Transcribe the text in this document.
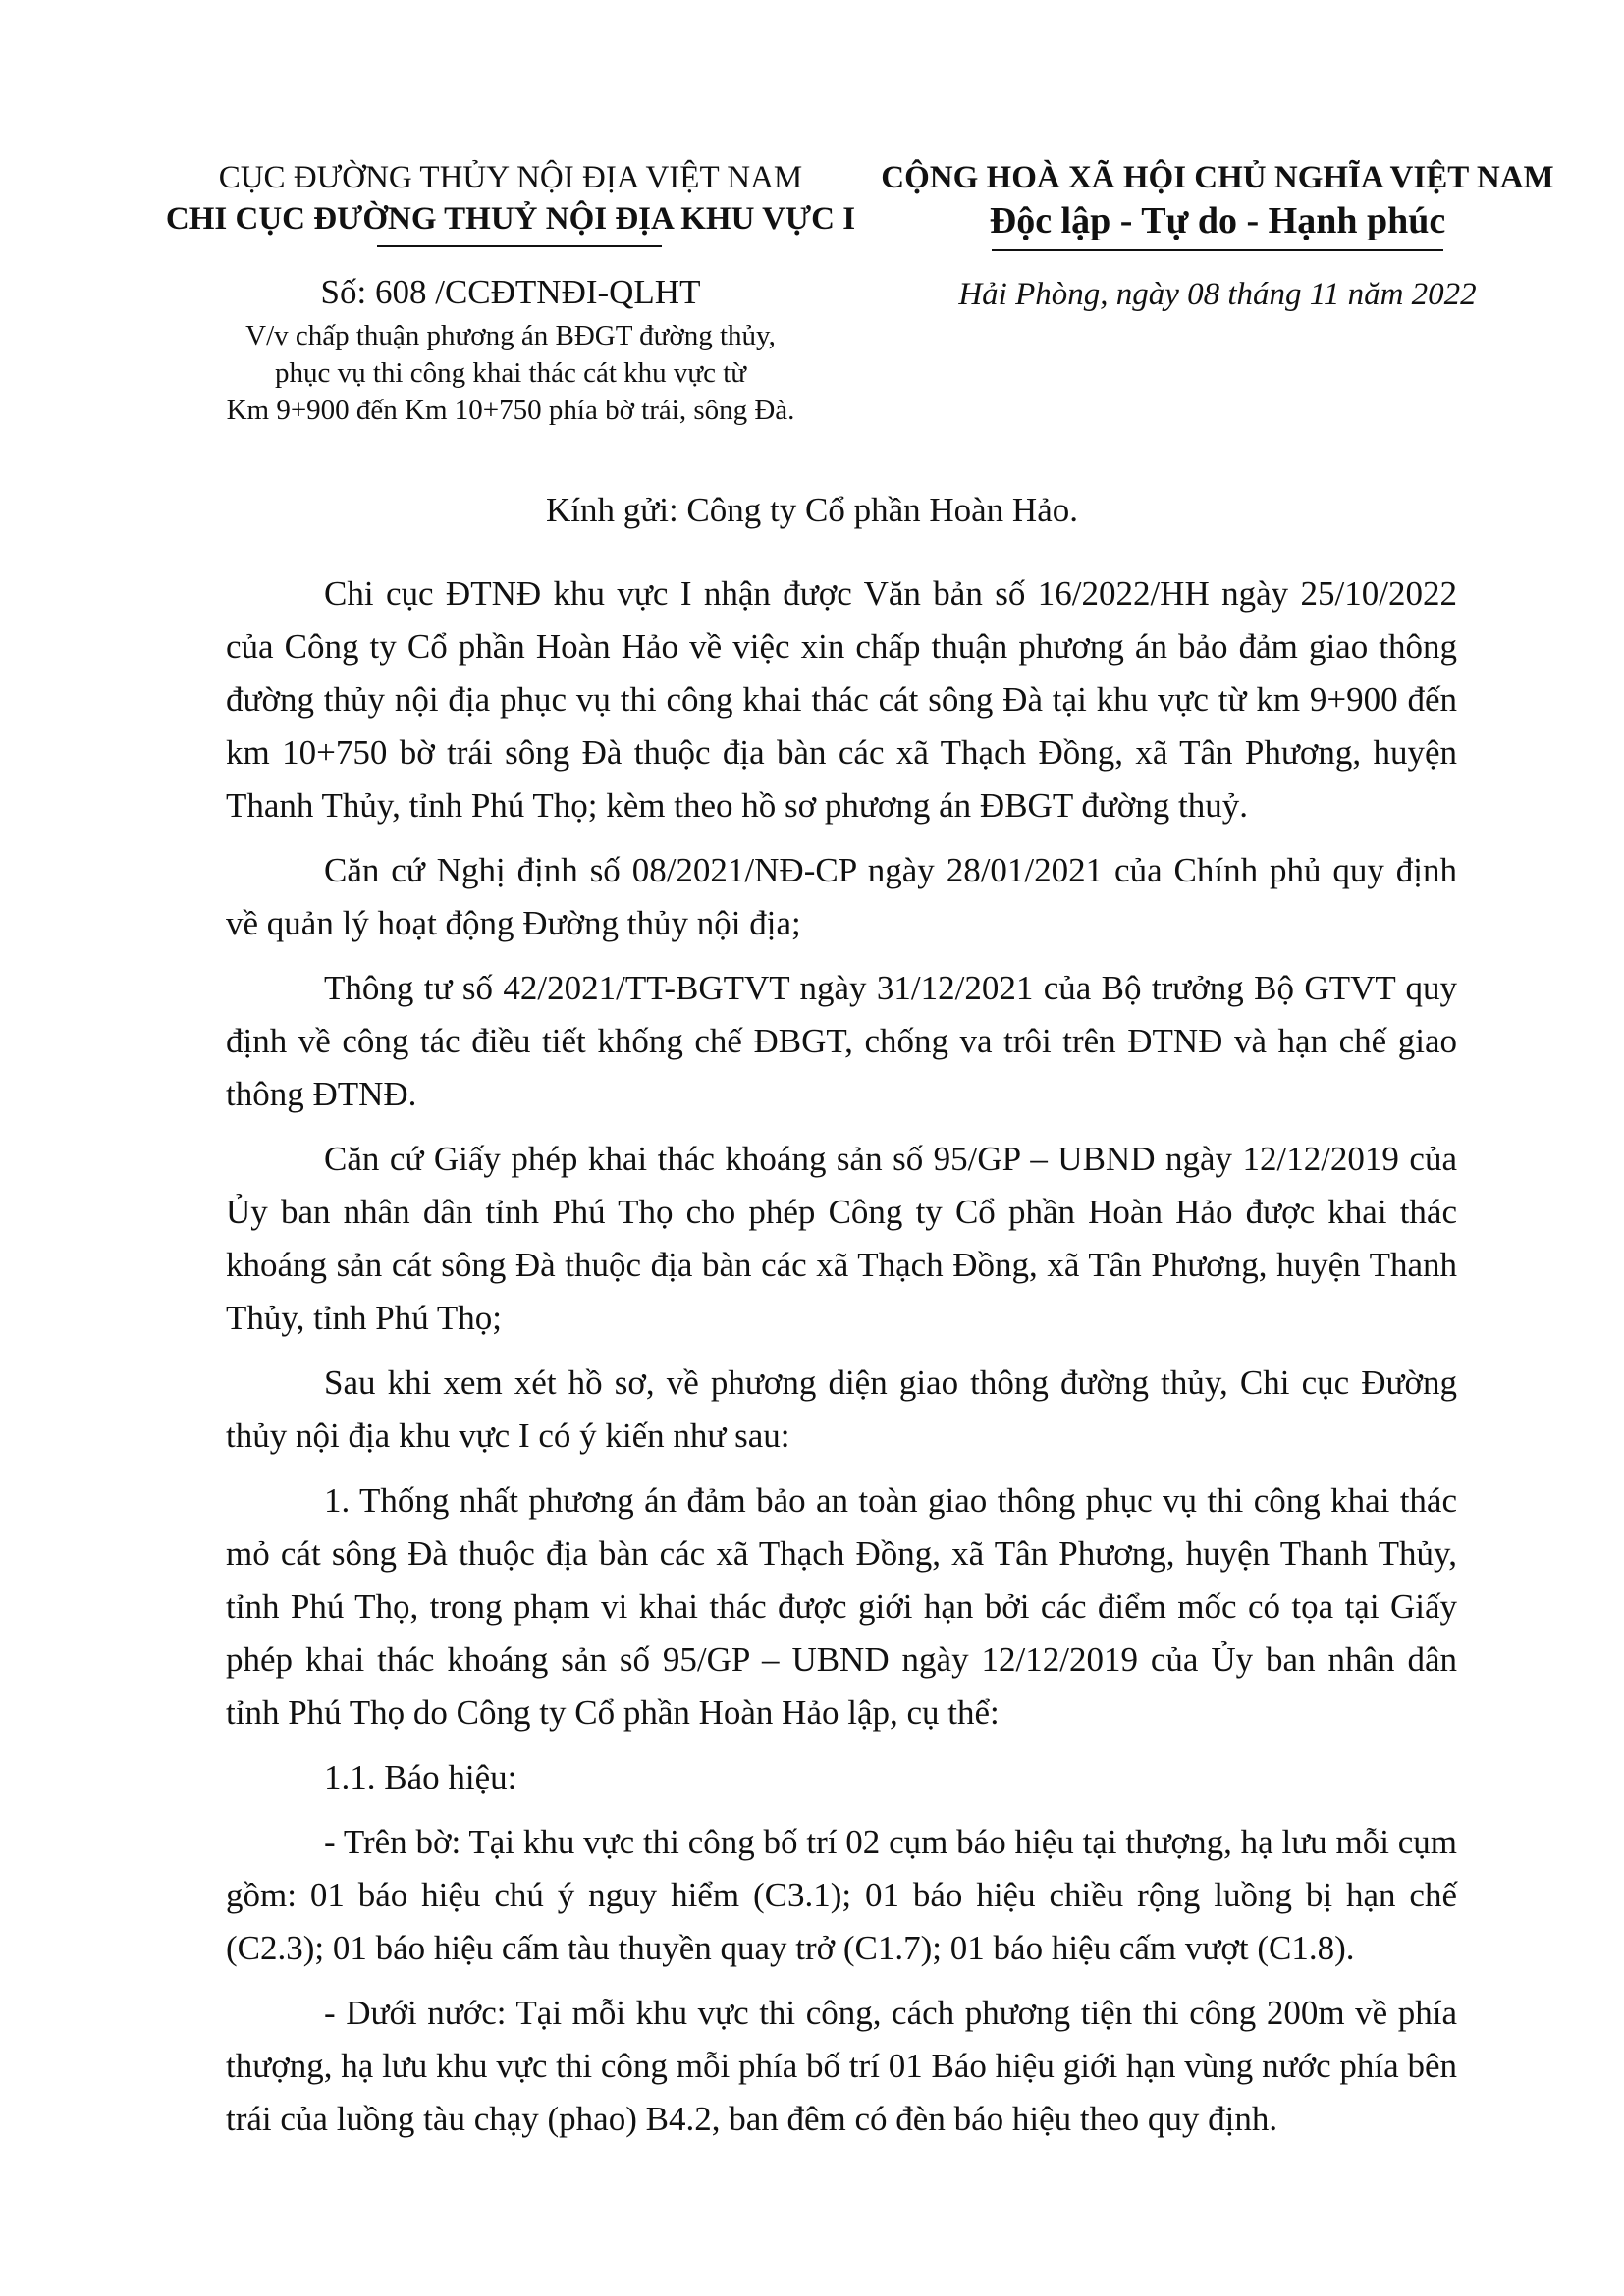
CỤC ĐƯỜNG THỦY NỘI ĐỊA VIỆT NAM
CHI CỤC ĐƯỜNG THUỶ NỘI ĐỊA KHU VỰC I
CỘNG HOÀ XÃ HỘI CHỦ NGHĨA VIỆT NAM
Độc lập - Tự do - Hạnh phúc
Số: 608 /CCĐTNĐI-QLHT
V/v chấp thuận phương án BĐGT đường thủy,
phục vụ thi công khai thác cát khu vực từ
Km 9+900 đến Km 10+750 phía bờ trái, sông Đà.
Hải Phòng, ngày 08 tháng 11 năm 2022
Kính gửi: Công ty Cổ phần Hoàn Hảo.

Chi cục ĐTNĐ khu vực I nhận được Văn bản số 16/2022/HH ngày 25/10/2022 của Công ty Cổ phần Hoàn Hảo về việc xin chấp thuận phương án bảo đảm giao thông đường thủy nội địa phục vụ thi công khai thác cát sông Đà tại khu vực từ km 9+900 đến km 10+750 bờ trái sông Đà thuộc địa bàn các xã Thạch Đồng, xã Tân Phương, huyện Thanh Thủy, tỉnh Phú Thọ; kèm theo hồ sơ phương án ĐBGT đường thuỷ.

Căn cứ Nghị định số 08/2021/NĐ-CP ngày 28/01/2021 của Chính phủ quy định về quản lý hoạt động Đường thủy nội địa;

Thông tư số 42/2021/TT-BGTVT ngày 31/12/2021 của Bộ trưởng Bộ GTVT quy định về công tác điều tiết khống chế ĐBGT, chống va trôi trên ĐTNĐ và hạn chế giao thông ĐTNĐ.

Căn cứ Giấy phép khai thác khoáng sản số 95/GP – UBND ngày 12/12/2019 của Ủy ban nhân dân tỉnh Phú Thọ cho phép Công ty Cổ phần Hoàn Hảo được khai thác khoáng sản cát sông Đà thuộc địa bàn các xã Thạch Đồng, xã Tân Phương, huyện Thanh Thủy, tỉnh Phú Thọ;

Sau khi xem xét hồ sơ, về phương diện giao thông đường thủy, Chi cục Đường thủy nội địa khu vực I có ý kiến như sau:

1. Thống nhất phương án đảm bảo an toàn giao thông phục vụ thi công khai thác mỏ cát sông Đà thuộc địa bàn các xã Thạch Đồng, xã Tân Phương, huyện Thanh Thủy, tỉnh Phú Thọ, trong phạm vi khai thác được giới hạn bởi các điểm mốc có tọa tại Giấy phép khai thác khoáng sản số 95/GP – UBND ngày 12/12/2019 của Ủy ban nhân dân tỉnh Phú Thọ do Công ty Cổ phần Hoàn Hảo lập, cụ thể:

1.1. Báo hiệu:

- Trên bờ: Tại khu vực thi công bố trí 02 cụm báo hiệu tại thượng, hạ lưu mỗi cụm gồm: 01 báo hiệu chú ý nguy hiểm (C3.1); 01 báo hiệu chiều rộng luồng bị hạn chế (C2.3); 01 báo hiệu cấm tàu thuyền quay trở (C1.7); 01 báo hiệu cấm vượt (C1.8).

- Dưới nước: Tại mỗi khu vực thi công, cách phương tiện thi công 200m về phía thượng, hạ lưu khu vực thi công mỗi phía bố trí 01 Báo hiệu giới hạn vùng nước phía bên trái của luồng tàu chạy (phao) B4.2, ban đêm có đèn báo hiệu theo quy định.
